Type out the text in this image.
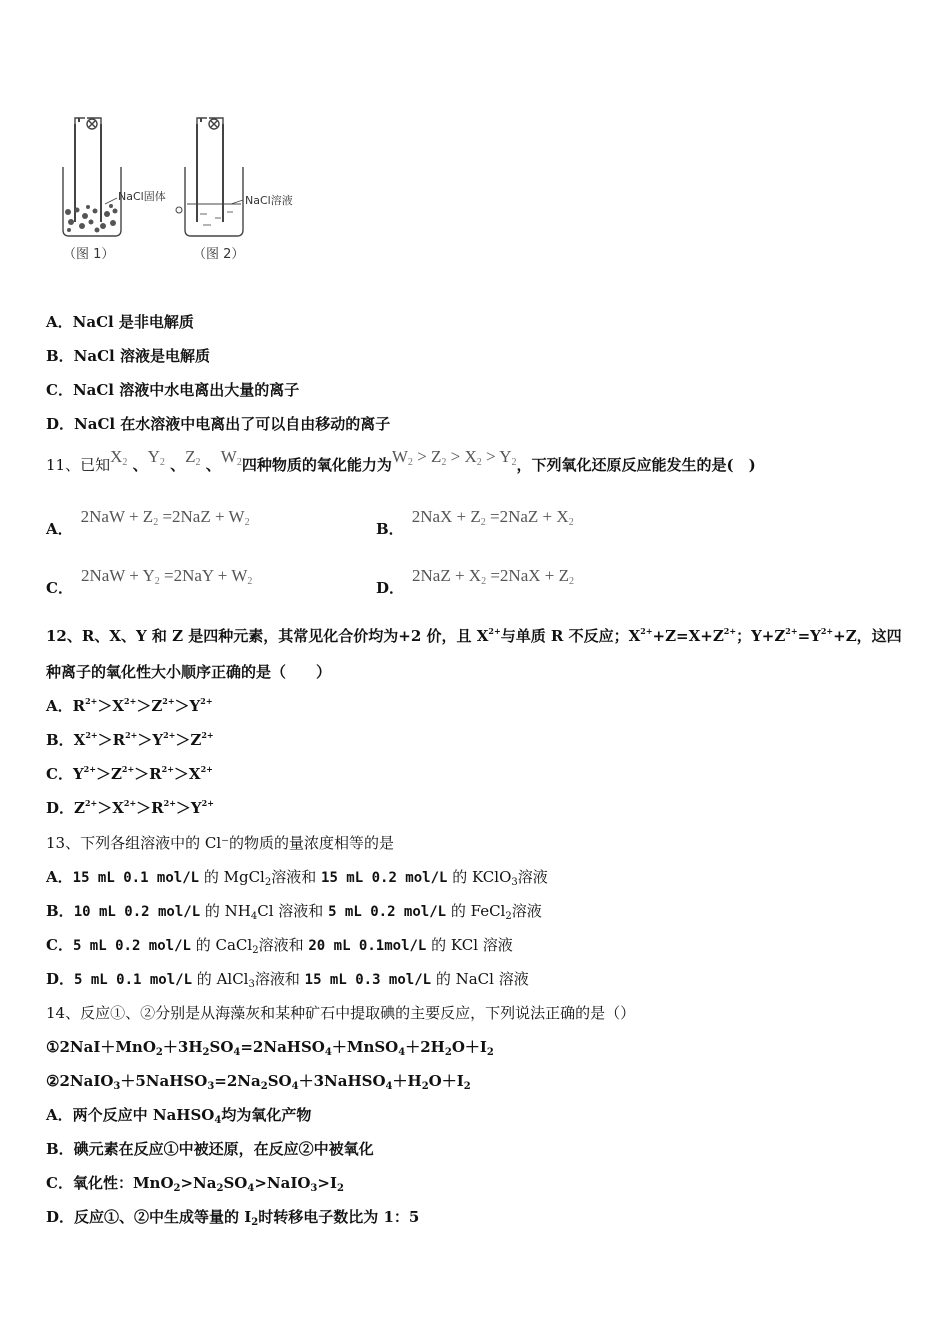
NaCl固体
（图 1）
NaCl溶液
（图 2）
A．NaCl 是非电解质
B．NaCl 溶液是电解质
C．NaCl 溶液中水电离出大量的离子
D．NaCl 在水溶液中电离出了可以自由移动的离子
11、已知$X_2$ 、$Y_2$ 、$Z_2$ 、$W_2$四种物质的氧化能力为$W_2 > Z_2 > X_2 > Y_2$，下列氧化还原反应能发生的是(　)
A．$2NaW + Z_2 =2NaZ + W_2$	B．$2NaX + Z_2 =2NaZ + X_2$
C．$2NaW + Y_2 =2NaY + W_2$	D．$2NaZ + X_2 =2NaX + Z_2$
12、R、X、Y 和 Z 是四种元素，其常见化合价均为+2 价，且 $X^{2+}$与单质 R 不反应；$X^{2+}+Z=X+Z^{2+}$；$Y+Z^{2+}=Y^{2+}+Z$，这四
种离子的氧化性大小顺序正确的是（　　）
A．$R^{2+}>X^{2+}>Z^{2+}>Y^{2+}$
B．$X^{2+}>R^{2+}>Y^{2+}>Z^{2+}$
C．$Y^{2+}>Z^{2+}>R^{2+}>X^{2+}$
D．$Z^{2+}>X^{2+}>R^{2+}>Y^{2+}$
13、下列各组溶液中的 Cl⁻的物质的量浓度相等的是
A．15 mL 0.1 mol/L 的 MgCl$_2$溶液和 15 mL 0.2 mol/L 的 KClO$_3$溶液
B．10 mL 0.2 mol/L 的 $NH_4Cl$ 溶液和 5 mL 0.2 mol/L 的 FeCl$_2$溶液
C．5 mL 0.2 mol/L 的 CaCl$_2$溶液和 20 mL 0.1mol/L 的 KCl 溶液
D．5 mL 0.1 mol/L 的 AlCl$_3$溶液和 15 mL 0.3 mol/L 的 NaCl 溶液
14、反应①、②分别是从海藻灰和某种矿石中提取碘的主要反应，下列说法正确的是（）
$①2NaI+MnO_2+3H_2SO_4=2NaHSO_4+MnSO_4+2H_2O+I_2$
$②2NaIO_3+5NaHSO_3=2Na_2SO_4+3NaHSO_4+H_2O+I_2$
A．两个反应中 NaHSO$_4$均为氧化产物
B．碘元素在反应①中被还原，在反应②中被氧化
C．氧化性：$MnO_2>Na_2SO_4>NaIO_3>I_2$
D．反应①、②中生成等量的 $I_2$时转移电子数比为 1：5
